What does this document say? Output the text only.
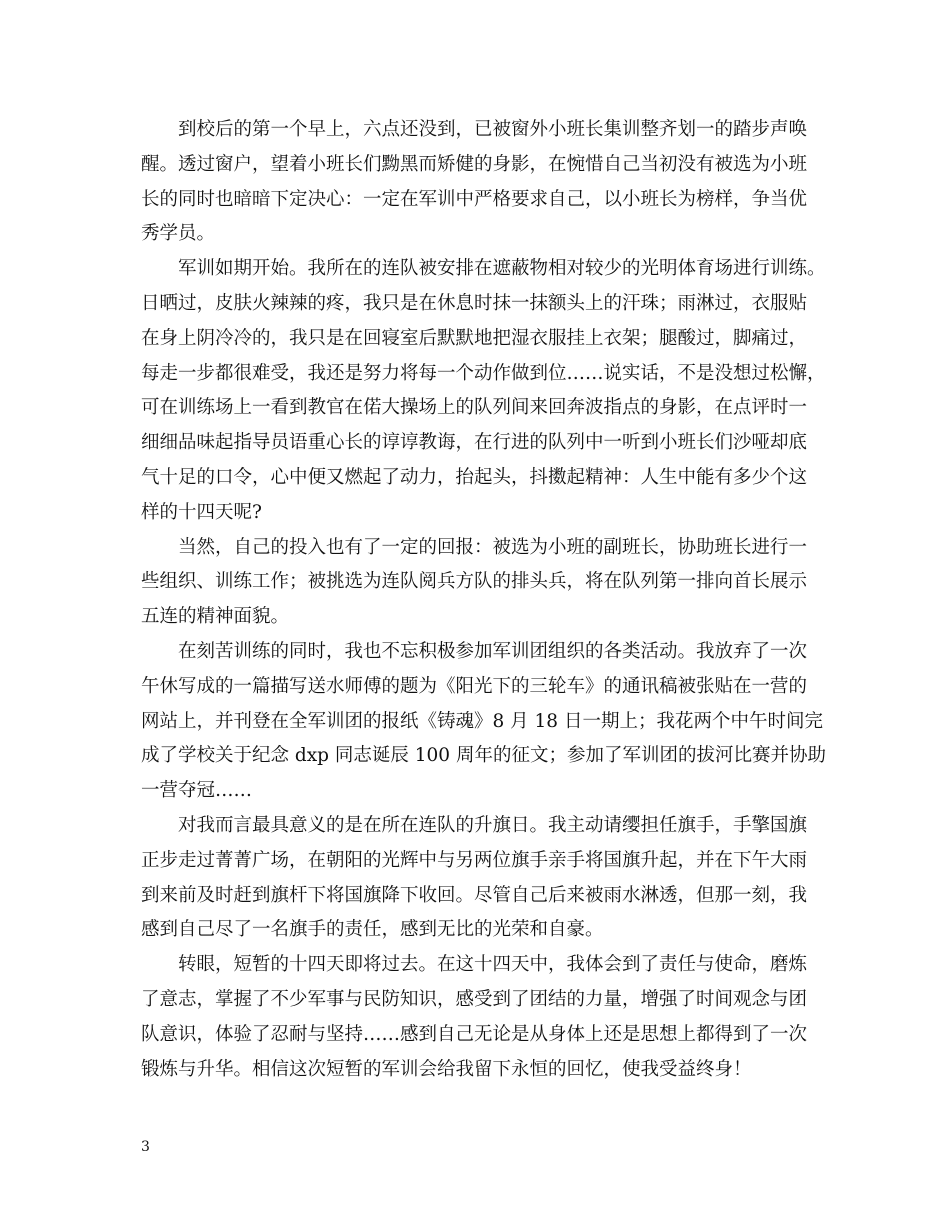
到校后的第一个早上，六点还没到，已被窗外小班长集训整齐划一的踏步声唤
醒。透过窗户，望着小班长们黝黑而矫健的身影，在惋惜自己当初没有被选为小班
长的同时也暗暗下定决心：一定在军训中严格要求自己，以小班长为榜样，争当优
秀学员。
军训如期开始。我所在的连队被安排在遮蔽物相对较少的光明体育场进行训练。
日晒过，皮肤火辣辣的疼，我只是在休息时抹一抹额头上的汗珠；雨淋过，衣服贴
在身上阴冷冷的，我只是在回寝室后默默地把湿衣服挂上衣架；腿酸过，脚痛过，
每走一步都很难受，我还是努力将每一个动作做到位……说实话，不是没想过松懈，
可在训练场上一看到教官在偌大操场上的队列间来回奔波指点的身影，在点评时一
细细品味起指导员语重心长的谆谆教诲，在行进的队列中一听到小班长们沙哑却底
气十足的口令，心中便又燃起了动力，抬起头，抖擞起精神：人生中能有多少个这
样的十四天呢?
当然，自己的投入也有了一定的回报：被选为小班的副班长，协助班长进行一
些组织、训练工作；被挑选为连队阅兵方队的排头兵，将在队列第一排向首长展示
五连的精神面貌。
在刻苦训练的同时，我也不忘积极参加军训团组织的各类活动。我放弃了一次
午休写成的一篇描写送水师傅的题为《阳光下的三轮车》的通讯稿被张贴在一营的
网站上，并刊登在全军训团的报纸《铸魂》8 月 18 日一期上；我花两个中午时间完
成了学校关于纪念 dxp 同志诞辰 100 周年的征文；参加了军训团的拔河比赛并协助
一营夺冠……
对我而言最具意义的是在所在连队的升旗日。我主动请缨担任旗手，手擎国旗
正步走过菁菁广场，在朝阳的光辉中与另两位旗手亲手将国旗升起，并在下午大雨
到来前及时赶到旗杆下将国旗降下收回。尽管自己后来被雨水淋透，但那一刻，我
感到自己尽了一名旗手的责任，感到无比的光荣和自豪。
转眼，短暂的十四天即将过去。在这十四天中，我体会到了责任与使命，磨炼
了意志，掌握了不少军事与民防知识，感受到了团结的力量，增强了时间观念与团
队意识，体验了忍耐与坚持……感到自己无论是从身体上还是思想上都得到了一次
锻炼与升华。相信这次短暂的军训会给我留下永恒的回忆，使我受益终身！
3
